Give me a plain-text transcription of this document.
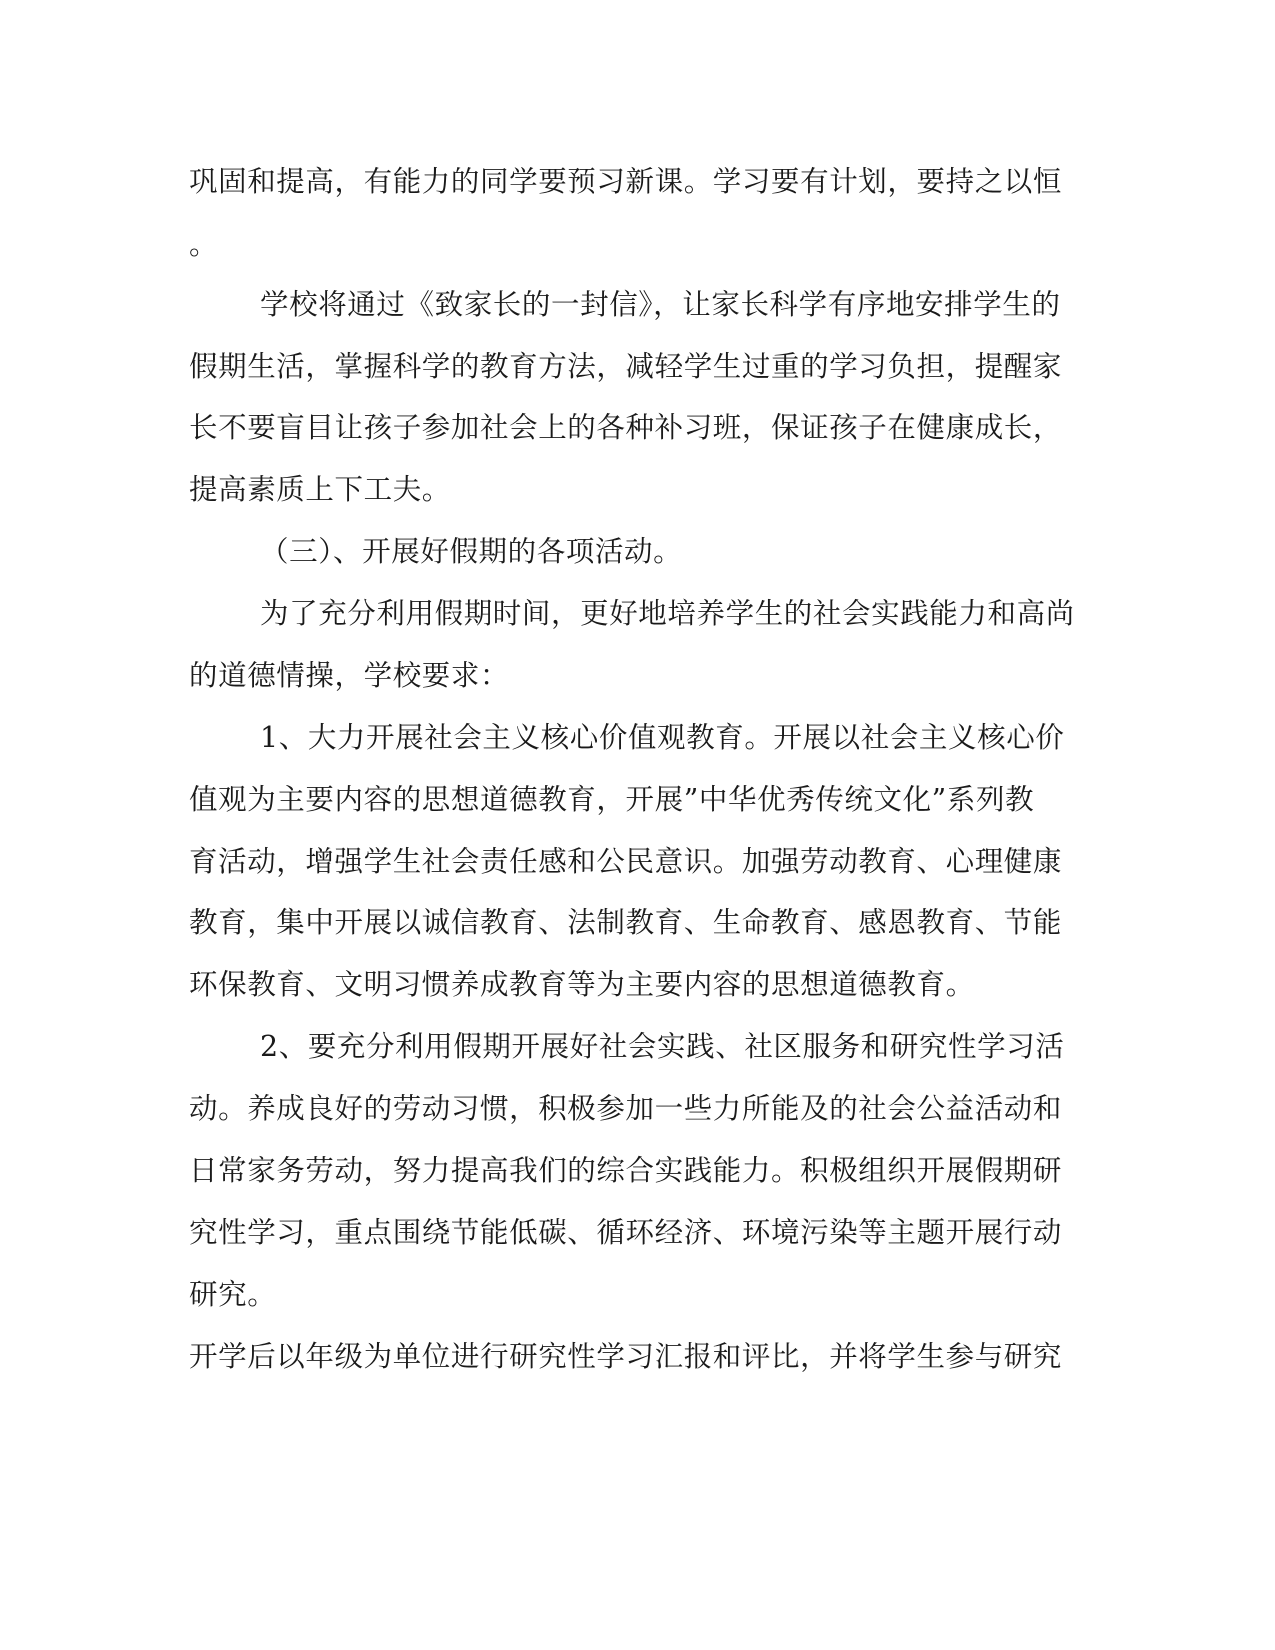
巩固和提高，有能力的同学要预习新课。学习要有计划，要持之以恒
。
学校将通过《致家长的一封信》，让家长科学有序地安排学生的
假期生活，掌握科学的教育方法，减轻学生过重的学习负担，提醒家
长不要盲目让孩子参加社会上的各种补习班，保证孩子在健康成长，
提高素质上下工夫。
（三）、开展好假期的各项活动。
为了充分利用假期时间，更好地培养学生的社会实践能力和高尚
的道德情操，学校要求：
1、大力开展社会主义核心价值观教育。开展以社会主义核心价
值观为主要内容的思想道德教育，开展”中华优秀传统文化”系列教
育活动，增强学生社会责任感和公民意识。加强劳动教育、心理健康
教育，集中开展以诚信教育、法制教育、生命教育、感恩教育、节能
环保教育、文明习惯养成教育等为主要内容的思想道德教育。
2、要充分利用假期开展好社会实践、社区服务和研究性学习活
动。养成良好的劳动习惯，积极参加一些力所能及的社会公益活动和
日常家务劳动，努力提高我们的综合实践能力。积极组织开展假期研
究性学习，重点围绕节能低碳、循环经济、环境污染等主题开展行动
研究。
开学后以年级为单位进行研究性学习汇报和评比，并将学生参与研究
